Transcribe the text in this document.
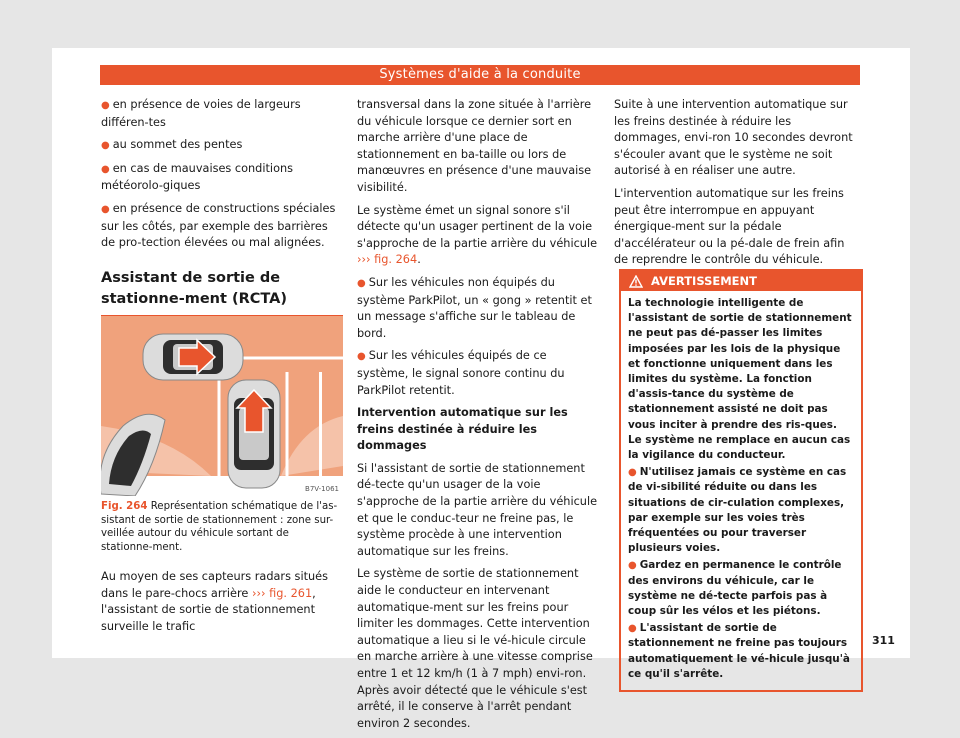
Systèmes d'aide à la conduite

● en présence de voies de largeurs différen-tes

● au sommet des pentes

● en cas de mauvaises conditions météorolo-giques

● en présence de constructions spéciales sur les côtés, par exemple des barrières de pro-tection élevées ou mal alignées.

Assistant de sortie de stationne-ment (RCTA)
B7V-1061
Fig. 264 Représentation schématique de l'as-sistant de sortie de stationnement : zone sur-veillée autour du véhicule sortant de stationne-ment.
Au moyen de ses capteurs radars situés dans le pare-chocs arrière ››› fig. 261, l'assistant de sortie de stationnement surveille le trafic

transversal dans la zone située à l'arrière du véhicule lorsque ce dernier sort en marche arrière d'une place de stationnement en ba-taille ou lors de manœuvres en présence d'une mauvaise visibilité.

Le système émet un signal sonore s'il détecte qu'un usager pertinent de la voie s'approche de la partie arrière du véhicule ››› fig. 264.

● Sur les véhicules non équipés du système ParkPilot, un « gong » retentit et un message s'affiche sur le tableau de bord.

● Sur les véhicules équipés de ce système, le signal sonore continu du ParkPilot retentit.

Intervention automatique sur les freins destinée à réduire les dommages

Si l'assistant de sortie de stationnement dé-tecte qu'un usager de la voie s'approche de la partie arrière du véhicule et que le conduc-teur ne freine pas, le système procède à une intervention automatique sur les freins.

Le système de sortie de stationnement aide le conducteur en intervenant automatique-ment sur les freins pour limiter les dommages. Cette intervention automatique a lieu si le vé-hicule circule en marche arrière à une vitesse comprise entre 1 et 12 km/h (1 à 7 mph) envi-ron. Après avoir détecté que le véhicule s'est arrêté, il le conserve à l'arrêt pendant environ 2 secondes.

Suite à une intervention automatique sur les freins destinée à réduire les dommages, envi-ron 10 secondes devront s'écouler avant que le système ne soit autorisé à en réaliser une autre.

L'intervention automatique sur les freins peut être interrompue en appuyant énergique-ment sur la pédale d'accélérateur ou la pé-dale de frein afin de reprendre le contrôle du véhicule.

AVERTISSEMENT

La technologie intelligente de l'assistant de sortie de stationnement ne peut pas dé-passer les limites imposées par les lois de la physique et fonctionne uniquement dans les limites du système. La fonction d'assis-tance du système de stationnement assisté ne doit pas vous inciter à prendre des ris-ques. Le système ne remplace en aucun cas la vigilance du conducteur.

● N'utilisez jamais ce système en cas de vi-sibilité réduite ou dans les situations de cir-culation complexes, par exemple sur les voies très fréquentées ou pour traverser plusieurs voies.

● Gardez en permanence le contrôle des environs du véhicule, car le système ne dé-tecte parfois pas à coup sûr les vélos et les piétons.

● L'assistant de sortie de stationnement ne freine pas toujours automatiquement le vé-hicule jusqu'à ce qu'il s'arrête.

311
